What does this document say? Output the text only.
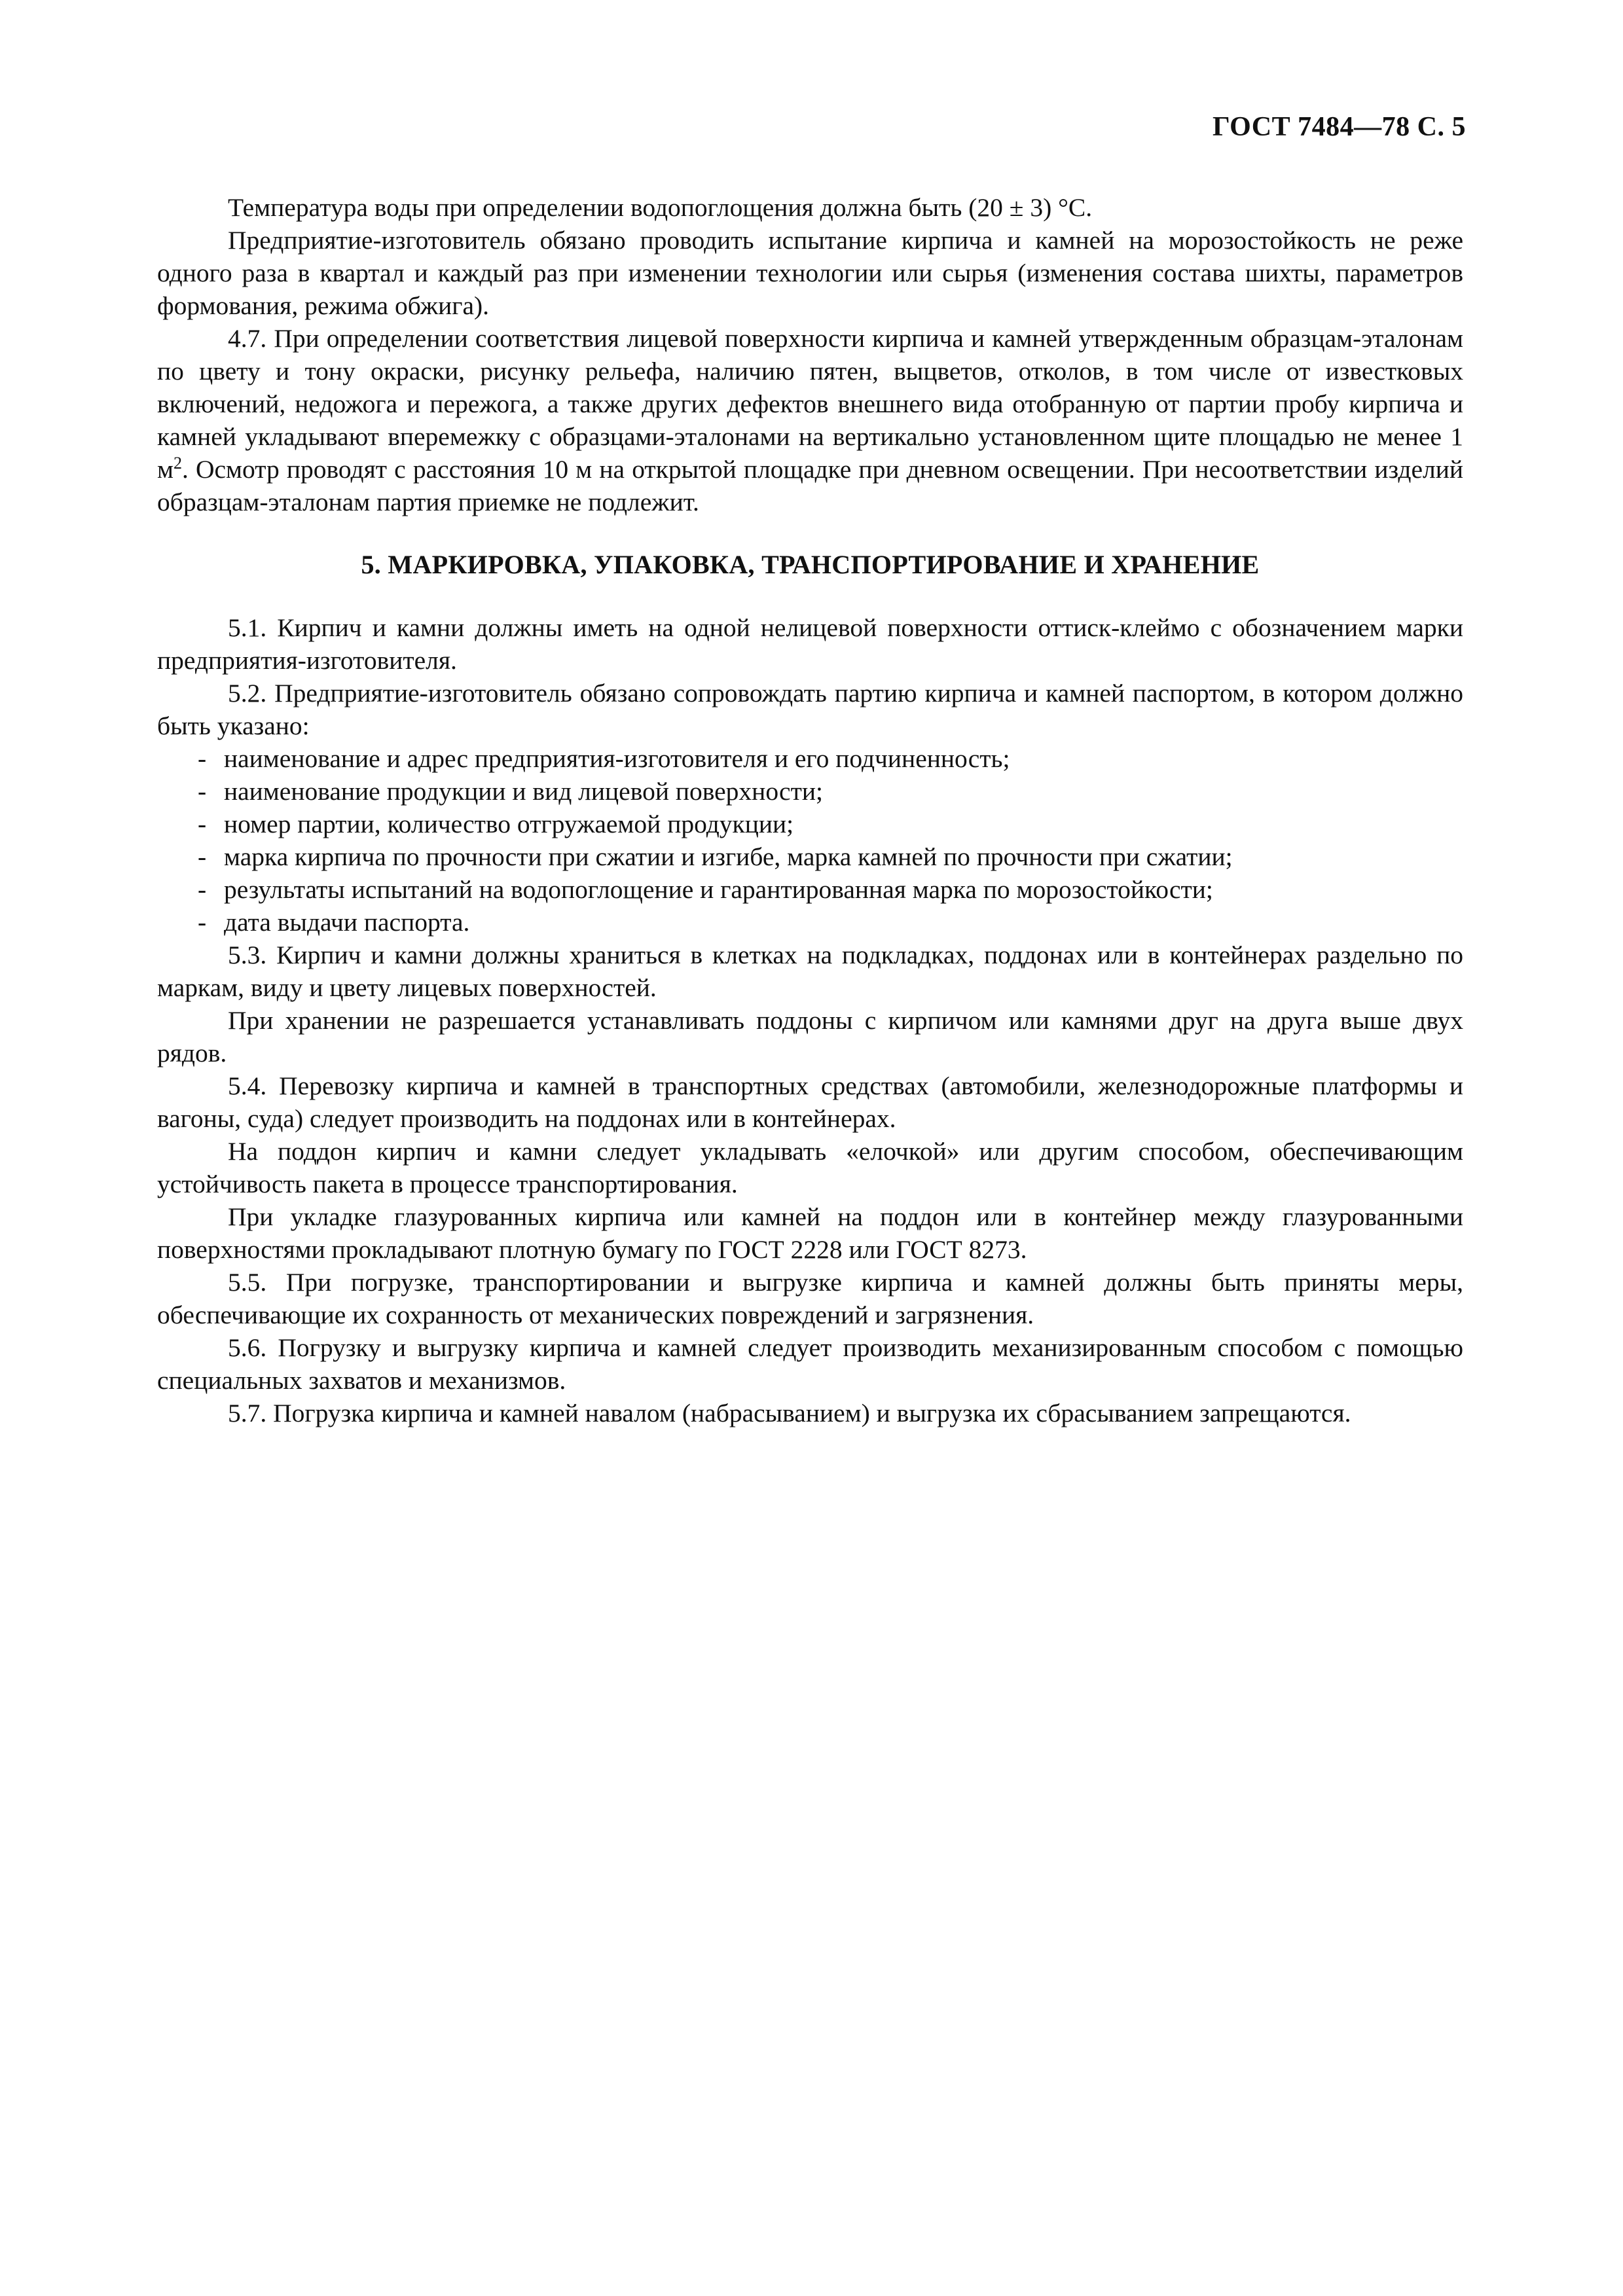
ГОСТ 7484—78 С. 5

Температура воды при определении водопоглощения должна быть (20 ± 3) °С.

Предприятие-изготовитель обязано проводить испытание кирпича и камней на морозостойкость не реже одного раза в квартал и каждый раз при изменении технологии или сырья (изменения состава шихты, параметров формования, режима обжига).

4.7. При определении соответствия лицевой поверхности кирпича и камней утвержденным образцам-эталонам по цвету и тону окраски, рисунку рельефа, наличию пятен, выцветов, отколов, в том числе от известковых включений, недожога и пережога, а также других дефектов внешнего вида отобранную от партии пробу кирпича и камней укладывают вперемежку с образцами-эталонами на вертикально установленном щите площадью не менее 1 $м^2$. Осмотр проводят с расстояния 10 м на открытой площадке при дневном освещении. При несоответствии изделий образцам-эталонам партия приемке не подлежит.

5. МАРКИРОВКА, УПАКОВКА, ТРАНСПОРТИРОВАНИЕ И ХРАНЕНИЕ

5.1. Кирпич и камни должны иметь на одной нелицевой поверхности оттиск-клеймо с обозначением марки предприятия-изготовителя.

5.2. Предприятие-изготовитель обязано сопровождать партию кирпича и камней паспортом, в котором должно быть указано:

- наименование и адрес предприятия-изготовителя и его подчиненность;
- наименование продукции и вид лицевой поверхности;
- номер партии, количество отгружаемой продукции;
- марка кирпича по прочности при сжатии и изгибе, марка камней по прочности при сжатии;
- результаты испытаний на водопоглощение и гарантированная марка по морозостойкости;
- дата выдачи паспорта.

5.3. Кирпич и камни должны храниться в клетках на подкладках, поддонах или в контейнерах раздельно по маркам, виду и цвету лицевых поверхностей.

При хранении не разрешается устанавливать поддоны с кирпичом или камнями друг на друга выше двух рядов.

5.4. Перевозку кирпича и камней в транспортных средствах (автомобили, железнодорожные платформы и вагоны, суда) следует производить на поддонах или в контейнерах.

На поддон кирпич и камни следует укладывать «елочкой» или другим способом, обеспечивающим устойчивость пакета в процессе транспортирования.

При укладке глазурованных кирпича или камней на поддон или в контейнер между глазурованными поверхностями прокладывают плотную бумагу по ГОСТ 2228 или ГОСТ 8273.

5.5. При погрузке, транспортировании и выгрузке кирпича и камней должны быть приняты меры, обеспечивающие их сохранность от механических повреждений и загрязнения.

5.6. Погрузку и выгрузку кирпича и камней следует производить механизированным способом с помощью специальных захватов и механизмов.

5.7. Погрузка кирпича и камней навалом (набрасыванием) и выгрузка их сбрасыванием запрещаются.
